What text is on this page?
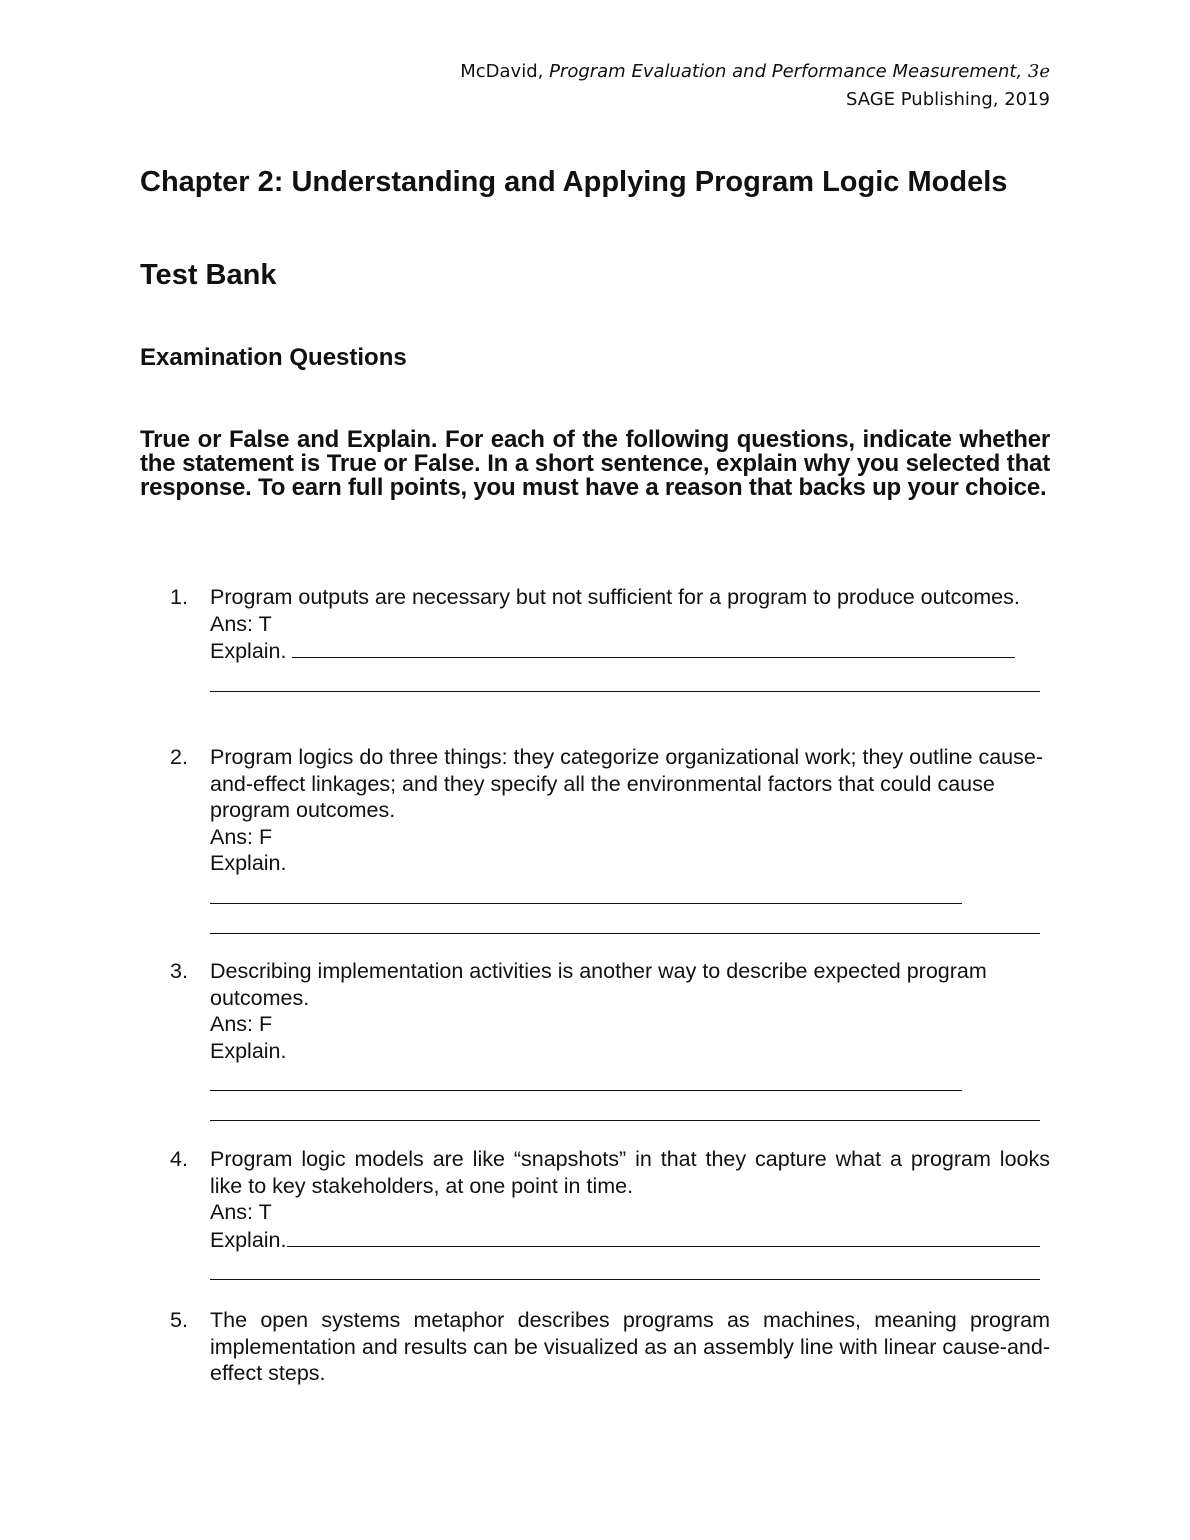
McDavid, Program Evaluation and Performance Measurement, 3e
SAGE Publishing, 2019
Chapter 2: Understanding and Applying Program Logic Models
Test Bank
Examination Questions
True or False and Explain. For each of the following questions, indicate whether the statement is True or False. In a short sentence, explain why you selected that response. To earn full points, you must have a reason that backs up your choice.
1. Program outputs are necessary but not sufficient for a program to produce outcomes.
Ans: T
Explain.
2. Program logics do three things: they categorize organizational work; they outline cause-and-effect linkages; and they specify all the environmental factors that could cause program outcomes.
Ans: F
Explain.
3. Describing implementation activities is another way to describe expected program outcomes.
Ans: F
Explain.
4. Program logic models are like “snapshots” in that they capture what a program looks like to key stakeholders, at one point in time.
Ans: T
Explain.
5. The open systems metaphor describes programs as machines, meaning program implementation and results can be visualized as an assembly line with linear cause-and-effect steps.
